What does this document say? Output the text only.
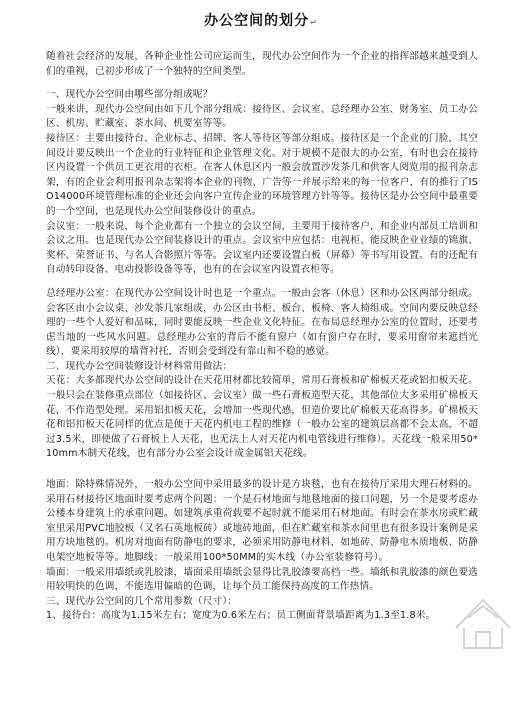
办公空间的划分↵

随着社会经济的发展，各种企业性公司应运而生，现代办公空间作为一个企业的指挥部越来越受到人们的重视，已初步形成了一个独特的空间类型。

一、现代办公空间由哪些部分组成呢？

一般来讲，现代办公空间由如下几个部分组成：接待区、会议室、总经理办公室、财务室、员工办公区、机房、贮藏室、茶水间、机要室等等。

接待区：主要由接待台、企业标志、招牌、客人等待区等部分组成。接待区是一个企业的门脸，其空间设计要反映出一个企业的行业特征和企业管理文化。对于规模不是很大的办公室，有时也会在接待区内设置一个供员工更衣用的衣柜。在客人休息区内一般会放置沙发茶几和供客人阅览用的报刊杂志架，有的企业会利用报刊杂志架将本企业的刊物、广告等一并展示给来的每一位客户，有的推行了ISO14000环境管理标准的企业还会向客户宣传企业的环境管理方针等等。接待区是办公空间中最重要的一个空间，也是现代办公空间装修设计的重点。

会议室：一般来说，每个企业都有一个独立的会议空间，主要用于接待客户，和企业内部员工培训和会议之用。也是现代办公空间装修设计的重点。会议室中应包括：电视柜、能反映企业业绩的锦旗、奖杯、荣誉证书、与名人合影照片等等。会议室内还要设置白板（屏幕）等书写用设置。有的还配有自动转印设备、电动投影设备等等，也有的在会议室内设置衣柜等。

总经理办公室：在现代办公空间设计时也是一个重点。一般由会客（休息）区和办公区两部分组成。会客区由小会议桌、沙发茶几家组成，办公区由书柜、板台、板椅、客人椅组成。空间内要反映总经理的一些个人爱好和品味，同时要能反映一些企业文化特征。在布局总经理办公室的位置时，还要考虑当地的一些风水问题。总经理办公室的背后不能有窗户（如有窗户存在时，要采用窗帘来遮挡光线），要采用较厚的墙背衬托，否则会受到没有靠山和不稳的感觉。

二、现代办公空间装修设计材料常用做法：

天花：大多都现代办公空间的设计在天花用材都比较简单，常用石膏板和矿棉板天花或铝扣板天花。一般只会在装修重点部位（如接待区、会议室）做一些石膏板造型天花，其他部位大多采用矿棉板天花，不作造型处理。采用铝扣板天花，会增加一些现代感，但造价要比矿棉板天花高得多。矿棉板天花和铝扣板天花同样的优点是便于天花内机电工程的维修（一般办公室的建筑层高都不会太高，不超过3.5米，即使做了石膏板上人天花，也无法上人对天花内机电管线进行维修）。天花线一般采用50*10mm木制天花线，也有部分办公室会设计成金属铝天花线。

地面：除特殊情况外，一般办公空间中采用最多的设计是方块毯，也有在接待厅采用大理石材料的。采用石材接待区地面时要考虑两个问题：一个是石材地面与地毯地面的接口问题，另一个是要考虑办公楼本身建筑上的承重问题。如建筑承重荷载要不起时就不能采用石材地面。有时会在茶水房或贮藏室里采用PVC地胶板（又名石英地板砖）或地砖地面，但在贮藏室和茶水间里也有很多设计案例是采用方块地毯的。机房对地面有防静电的要求，必须采用防静电材料，如地砖、防静电木质地板、防静电架空地板等等。地脚线：一般采用100*50MM的实木线（办公室装修符号）。

墙面：一般采用墙纸或乳胶漆，墙面采用墙纸会显得比乳胶漆要高档一些。墙纸和乳胶漆的颜色要选用较明快的色调，不能选用偏暗的色调，让每个员工能保持高度的工作热情。

三、现代办公空间的几个常用参数（尺寸）：

1、接待台：高度为1.15米左右；宽度为0.6米左右；员工侧面背景墙距离为1.3至1.8米。
